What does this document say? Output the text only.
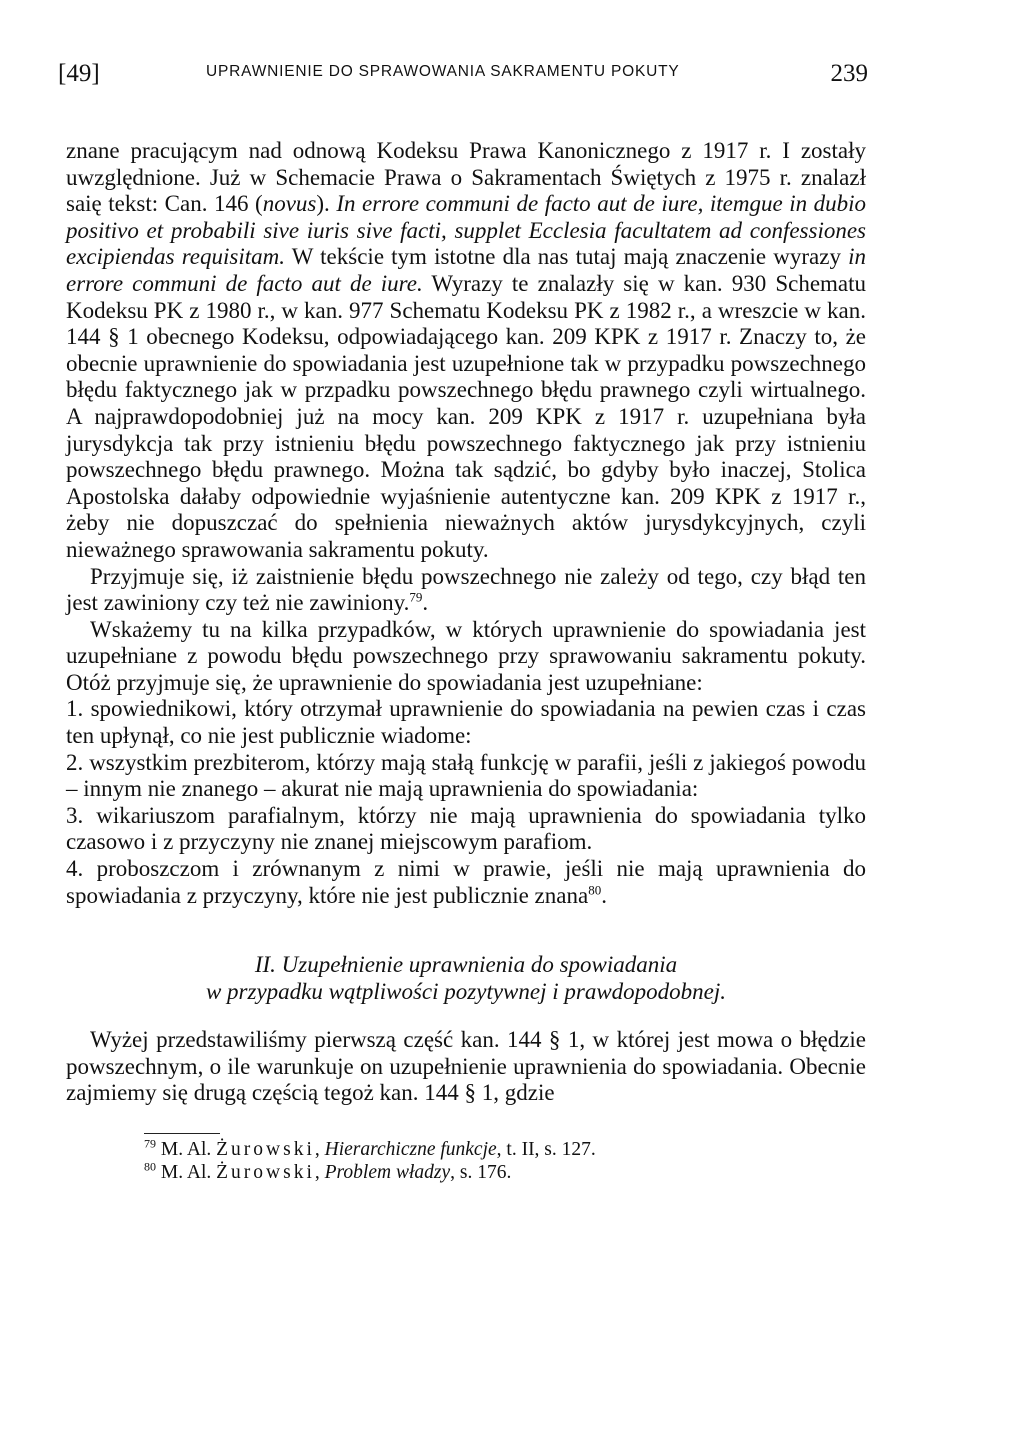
[49]	UPRAWNIENIE DO SPRAWOWANIA SAKRAMENTU POKUTY	239

znane pracującym nad odnową Kodeksu Prawa Kanonicznego z 1917 r. I zostały uwzględnione. Już w Schemacie Prawa o Sakramentach Świętych z 1975 r. znalazł saię tekst: Can. 146 (novus). In errore communi de facto aut de iure, itemgue in dubio positivo et probabili sive iuris sive facti, supplet Ecclesia facultatem ad confessiones excipiendas requisitam. W tekście tym istotne dla nas tutaj mają znaczenie wyrazy in errore communi de facto aut de iure. Wyrazy te znalazły się w kan. 930 Schematu Kodeksu PK z 1980 r., w kan. 977 Schematu Kodeksu PK z 1982 r., a wreszcie w kan. 144 § 1 obecnego Kodeksu, odpowiadającego kan. 209 KPK z 1917 r. Znaczy to, że obecnie uprawnienie do spowiadania jest uzupełnione tak w przypadku powszechnego błędu faktycznego jak w przpadku powszechnego błędu prawnego czyli wirtualnego. A najprawdopodobniej już na mocy kan. 209 KPK z 1917 r. uzupełniana była jurysdykcja tak przy istnieniu błędu powszechnego faktycznego jak przy istnieniu powszechnego błędu prawnego. Można tak sądzić, bo gdyby było inaczej, Stolica Apostolska dałaby odpowiednie wyjaśnienie autentyczne kan. 209 KPK z 1917 r., żeby nie dopuszczać do spełnienia nieważnych aktów jurysdykcyjnych, czyli nieważnego sprawowania sakramentu pokuty.

Przyjmuje się, iż zaistnienie błędu powszechnego nie zależy od tego, czy błąd ten jest zawiniony czy też nie zawiniony.$^{79}$.

Wskażemy tu na kilka przypadków, w których uprawnienie do spowiadania jest uzupełniane z powodu błędu powszechnego przy sprawowaniu sakramentu pokuty. Otóż przyjmuje się, że uprawnienie do spowiadania jest uzupełniane:

1. spowiednikowi, który otrzymał uprawnienie do spowiadania na pewien czas i czas ten upłynął, co nie jest publicznie wiadome:

2. wszystkim prezbiterom, którzy mają stałą funkcję w parafii, jeśli z jakiegoś powodu – innym nie znanego – akurat nie mają uprawnienia do spowiadania:

3. wikariuszom parafialnym, którzy nie mają uprawnienia do spowiadania tylko czasowo i z przyczyny nie znanej miejscowym parafiom.

4. proboszczom i zrównanym z nimi w prawie, jeśli nie mają uprawnienia do spowiadania z przyczyny, które nie jest publicznie znana$^{80}$.

II. Uzupełnienie uprawnienia do spowiadania
w przypadku wątpliwości pozytywnej i prawdopodobnej.

Wyżej przedstawiliśmy pierwszą część kan. 144 § 1, w której jest mowa o błędzie powszechnym, o ile warunkuje on uzupełnienie uprawnienia do spowiadania. Obecnie zajmiemy się drugą częścią tegoż kan. 144 § 1, gdzie

$^{79}$ M. Al. Żurowski, Hierarchiczne funkcje, t. II, s. 127.
$^{80}$ M. Al. Żurowski, Problem władzy, s. 176.
